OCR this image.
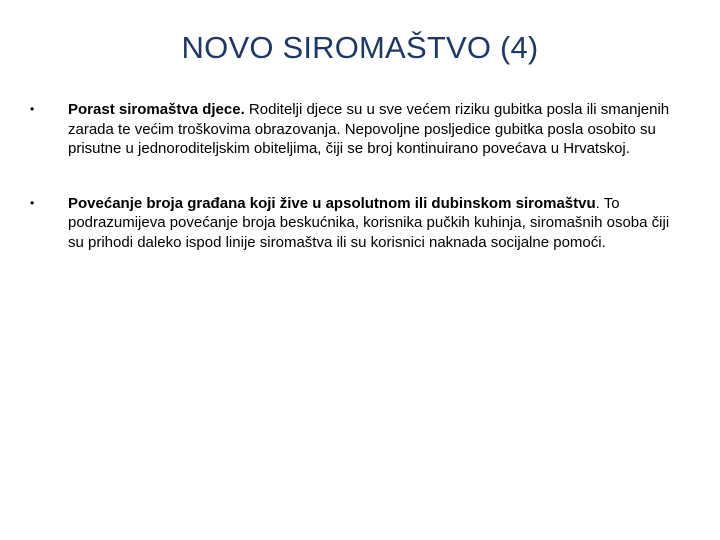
NOVO SIROMAŠTVO (4)
•	Porast siromaštva djece. Roditelji djece su u sve većem riziku gubitka posla ili smanjenih zarada te većim troškovima obrazovanja. Nepovoljne posljedice gubitka posla osobito su prisutne u jednoroditeljskim obiteljima, čiji se broj kontinuirano povećava u Hrvatskoj.
•	Povećanje broja građana koji žive u apsolutnom ili dubinskom siromaštvu. To podrazumijeva povećanje broja beskućnika, korisnika pučkih kuhinja, siromašnih osoba čiji su prihodi daleko ispod linije siromaštva ili su korisnici naknada socijalne pomoći.
